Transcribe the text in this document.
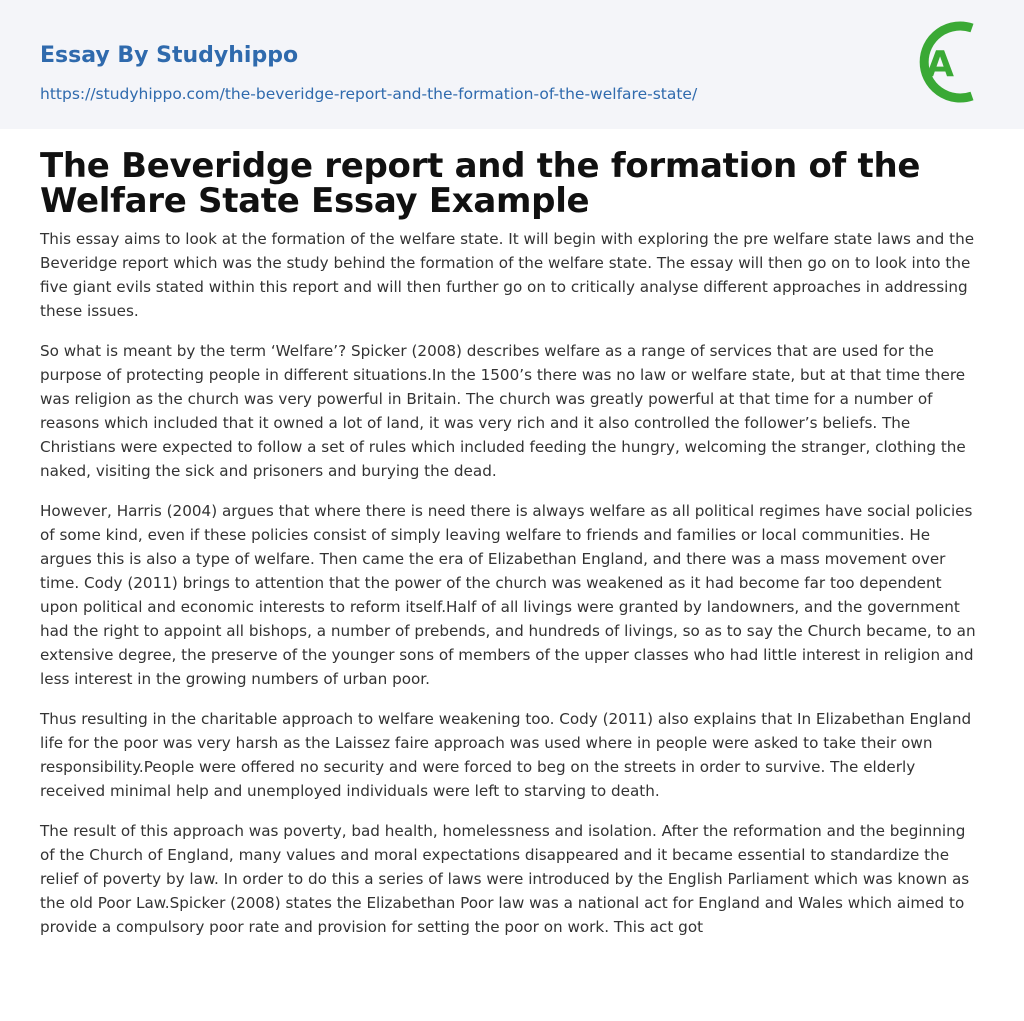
Essay By Studyhippo
https://studyhippo.com/the-beveridge-report-and-the-formation-of-the-welfare-state/
A
The Beveridge report and the formation of the Welfare State Essay Example

This essay aims to look at the formation of the welfare state. It will begin with exploring the pre welfare state laws and the Beveridge report which was the study behind the formation of the welfare state. The essay will then go on to look into the five giant evils stated within this report and will then further go on to critically analyse different approaches in addressing these issues.

So what is meant by the term ‘Welfare’? Spicker (2008) describes welfare as a range of services that are used for the purpose of protecting people in different situations.In the 1500’s there was no law or welfare state, but at that time there was religion as the church was very powerful in Britain. The church was greatly powerful at that time for a number of reasons which included that it owned a lot of land, it was very rich and it also controlled the follower’s beliefs. The Christians were expected to follow a set of rules which included feeding the hungry, welcoming the stranger, clothing the naked, visiting the sick and prisoners and burying the dead.

However, Harris (2004) argues that where there is need there is always welfare as all political regimes have social policies of some kind, even if these policies consist of simply leaving welfare to friends and families or local communities. He argues this is also a type of welfare. Then came the era of Elizabethan England, and there was a mass movement over time. Cody (2011) brings to attention that the power of the church was weakened as it had become far too dependent upon political and economic interests to reform itself.Half of all livings were granted by landowners, and the government had the right to appoint all bishops, a number of prebends, and hundreds of livings, so as to say the Church became, to an extensive degree, the preserve of the younger sons of members of the upper classes who had little interest in religion and less interest in the growing numbers of urban poor.

Thus resulting in the charitable approach to welfare weakening too. Cody (2011) also explains that In Elizabethan England life for the poor was very harsh as the Laissez faire approach was used where in people were asked to take their own responsibility.People were offered no security and were forced to beg on the streets in order to survive. The elderly received minimal help and unemployed individuals were left to starving to death.

The result of this approach was poverty, bad health, homelessness and isolation. After the reformation and the beginning of the Church of England, many values and moral expectations disappeared and it became essential to standardize the relief of poverty by law. In order to do this a series of laws were introduced by the English Parliament which was known as the old Poor Law.Spicker (2008) states the Elizabethan Poor law was a national act for England and Wales which aimed to provide a compulsory poor rate and provision for setting the poor on work. This act got
